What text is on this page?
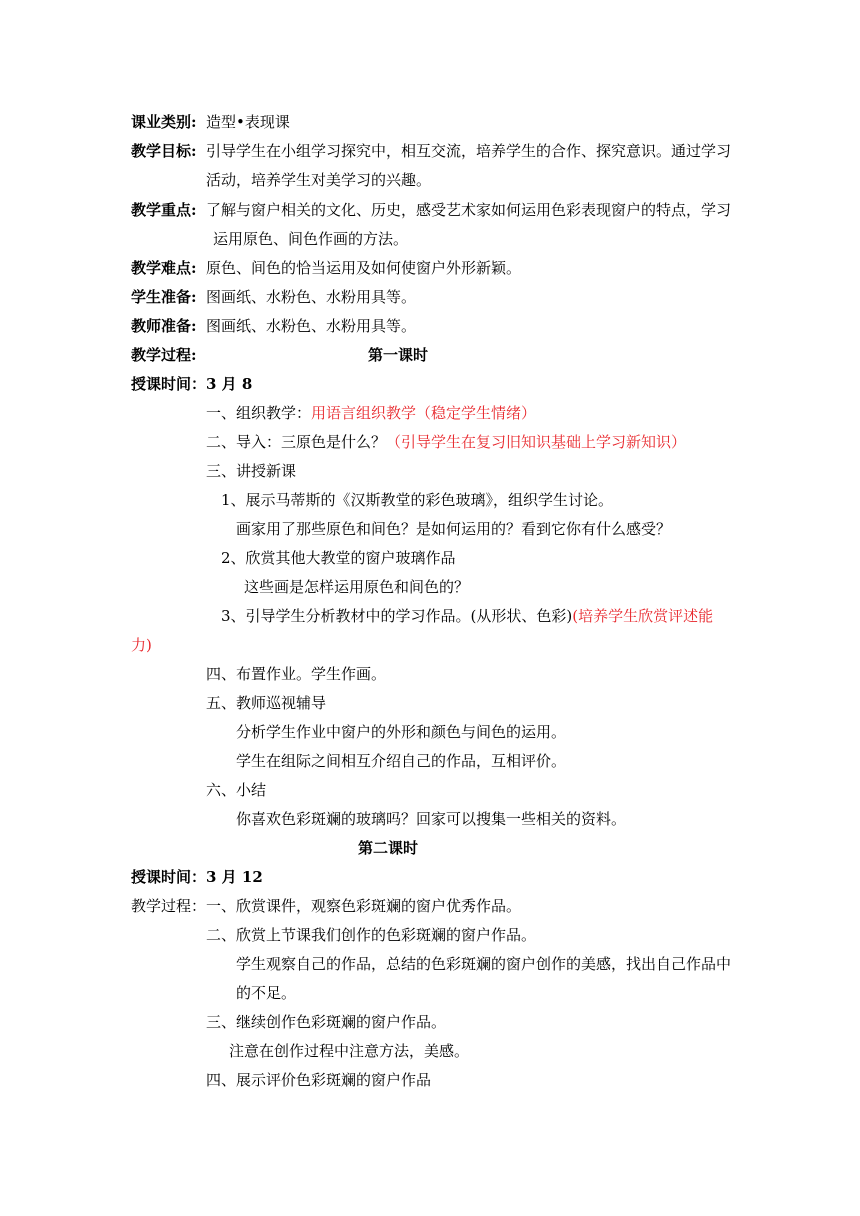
课业类别: 造型•表现课
教学目标: 引导学生在小组学习探究中，相互交流，培养学生的合作、探究意识。通过学习
活动，培养学生对美学习的兴趣。
教学重点: 了解与窗户相关的文化、历史，感受艺术家如何运用色彩表现窗户的特点，学习
运用原色、间色作画的方法。
教学难点: 原色、间色的恰当运用及如何使窗户外形新颖。
学生准备: 图画纸、水粉色、水粉用具等。
教师准备: 图画纸、水粉色、水粉用具等。
教学过程:	第一课时
授课时间：3 月 8
一、组织教学：用语言组织教学（稳定学生情绪）
二、导入：三原色是什么？（引导学生在复习旧知识基础上学习新知识）
三、讲授新课
1、展示马蒂斯的《汉斯教堂的彩色玻璃》，组织学生讨论。
画家用了那些原色和间色？是如何运用的？看到它你有什么感受？
2、欣赏其他大教堂的窗户玻璃作品
这些画是怎样运用原色和间色的？
3、引导学生分析教材中的学习作品。(从形状、色彩)(培养学生欣赏评述能
力)
四、布置作业。学生作画。
五、教师巡视辅导
分析学生作业中窗户的外形和颜色与间色的运用。
学生在组际之间相互介绍自己的作品，互相评价。
六、小结
你喜欢色彩斑斓的玻璃吗？回家可以搜集一些相关的资料。
第二课时
授课时间：3 月 12
教学过程： 一、欣赏课件，观察色彩斑斓的窗户优秀作品。
二、欣赏上节课我们创作的色彩斑斓的窗户作品。
学生观察自己的作品，总结的色彩斑斓的窗户创作的美感，找出自己作品中
的不足。
三、继续创作色彩斑斓的窗户作品。
注意在创作过程中注意方法，美感。
四、展示评价色彩斑斓的窗户作品
